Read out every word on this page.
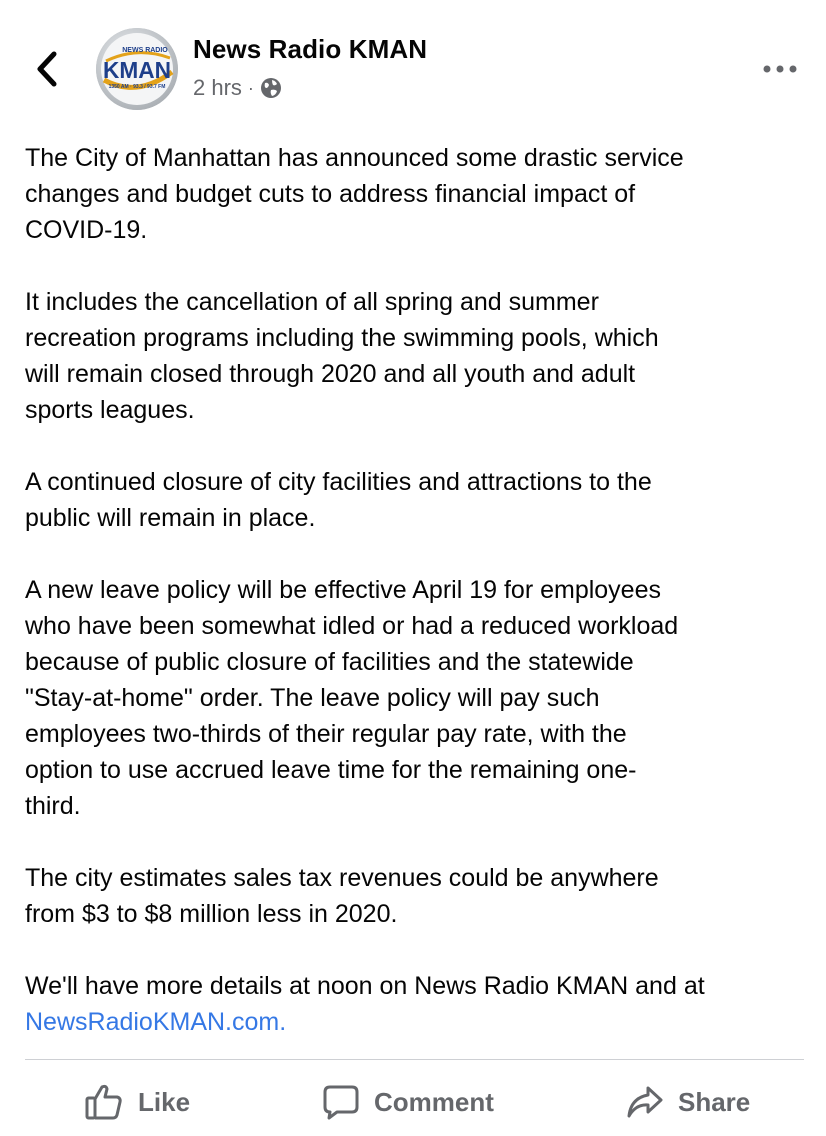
NEWS RADIO
KMAN
1350 AM · 93.3 / 93.7 FM
News Radio KMAN
2 hrs ·

The City of Manhattan has announced some drastic service
changes and budget cuts to address financial impact of
COVID-19.

It includes the cancellation of all spring and summer
recreation programs including the swimming pools, which
will remain closed through 2020 and all youth and adult
sports leagues.

A continued closure of city facilities and attractions to the
public will remain in place.

A new leave policy will be effective April 19 for employees
who have been somewhat idled or had a reduced workload
because of public closure of facilities and the statewide
"Stay-at-home" order. The leave policy will pay such
employees two-thirds of their regular pay rate, with the
option to use accrued leave time for the remaining one-
third.

The city estimates sales tax revenues could be anywhere
from $3 to $8 million less in 2020.

We'll have more details at noon on News Radio KMAN and at
NewsRadioKMAN.com.

Like	Comment	Share
